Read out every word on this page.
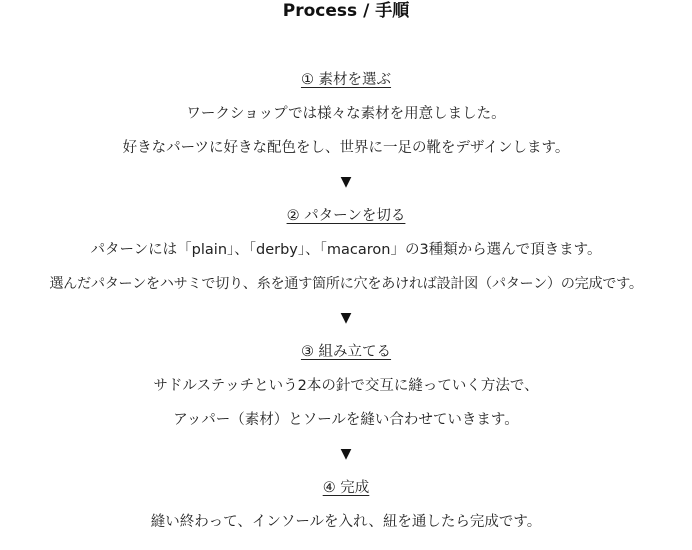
Process / 手順
① 素材を選ぶ
ワークショップでは様々な素材を用意しました。
好きなパーツに好きな配色をし、世界に一足の靴をデザインします。
▼
② パターンを切る
パターンには「plain」、「derby」、「macaron」の3種類から選んで頂きます。
選んだパターンをハサミで切り、糸を通す箇所に穴をあければ設計図（パターン）の完成です。
▼
③ 組み立てる
サドルステッチという2本の針で交互に縫っていく方法で、
アッパー（素材）とソールを縫い合わせていきます。
▼
④ 完成
縫い終わって、インソールを入れ、紐を通したら完成です。
